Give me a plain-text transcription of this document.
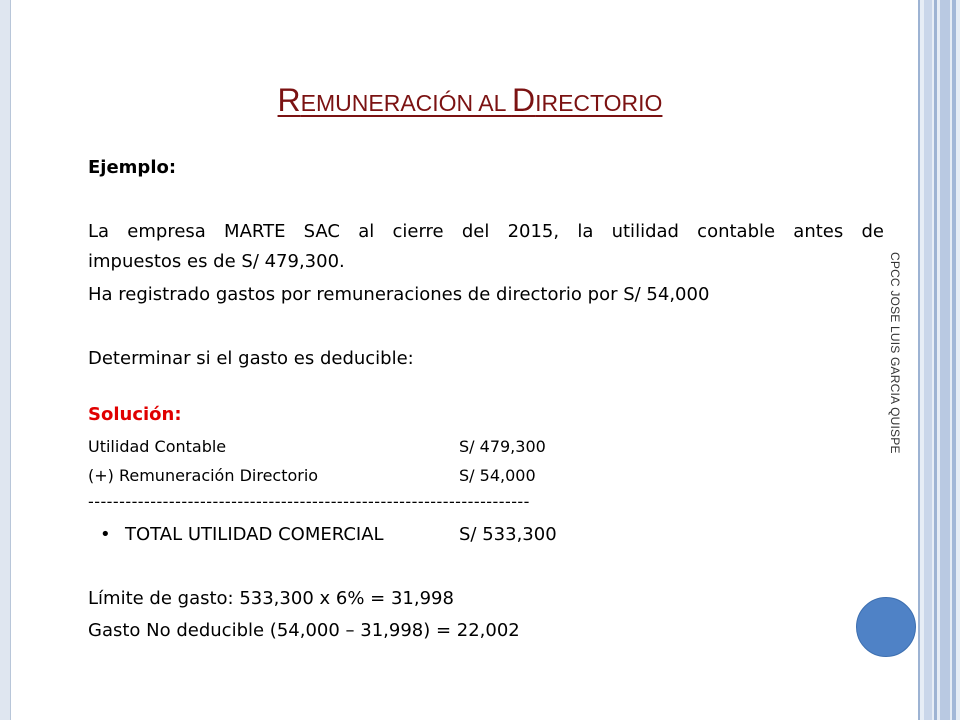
REMUNERACIÓN AL DIRECTORIO
CPCC JOSE LUIS GARCIA QUISPE
Ejemplo:
La empresa MARTE SAC al cierre del 2015, la utilidad contable antes de
impuestos es de S/ 479,300.
Ha registrado gastos por remuneraciones de directorio por S/ 54,000
Determinar si el gasto es deducible:
Solución:
Utilidad Contable	S/ 479,300
(+) Remuneración Directorio	S/ 54,000
-----------------------------------------------------------------------
• TOTAL UTILIDAD COMERCIAL	S/ 533,300
Límite de gasto: 533,300 x 6% = 31,998
Gasto No deducible (54,000 – 31,998) = 22,002
